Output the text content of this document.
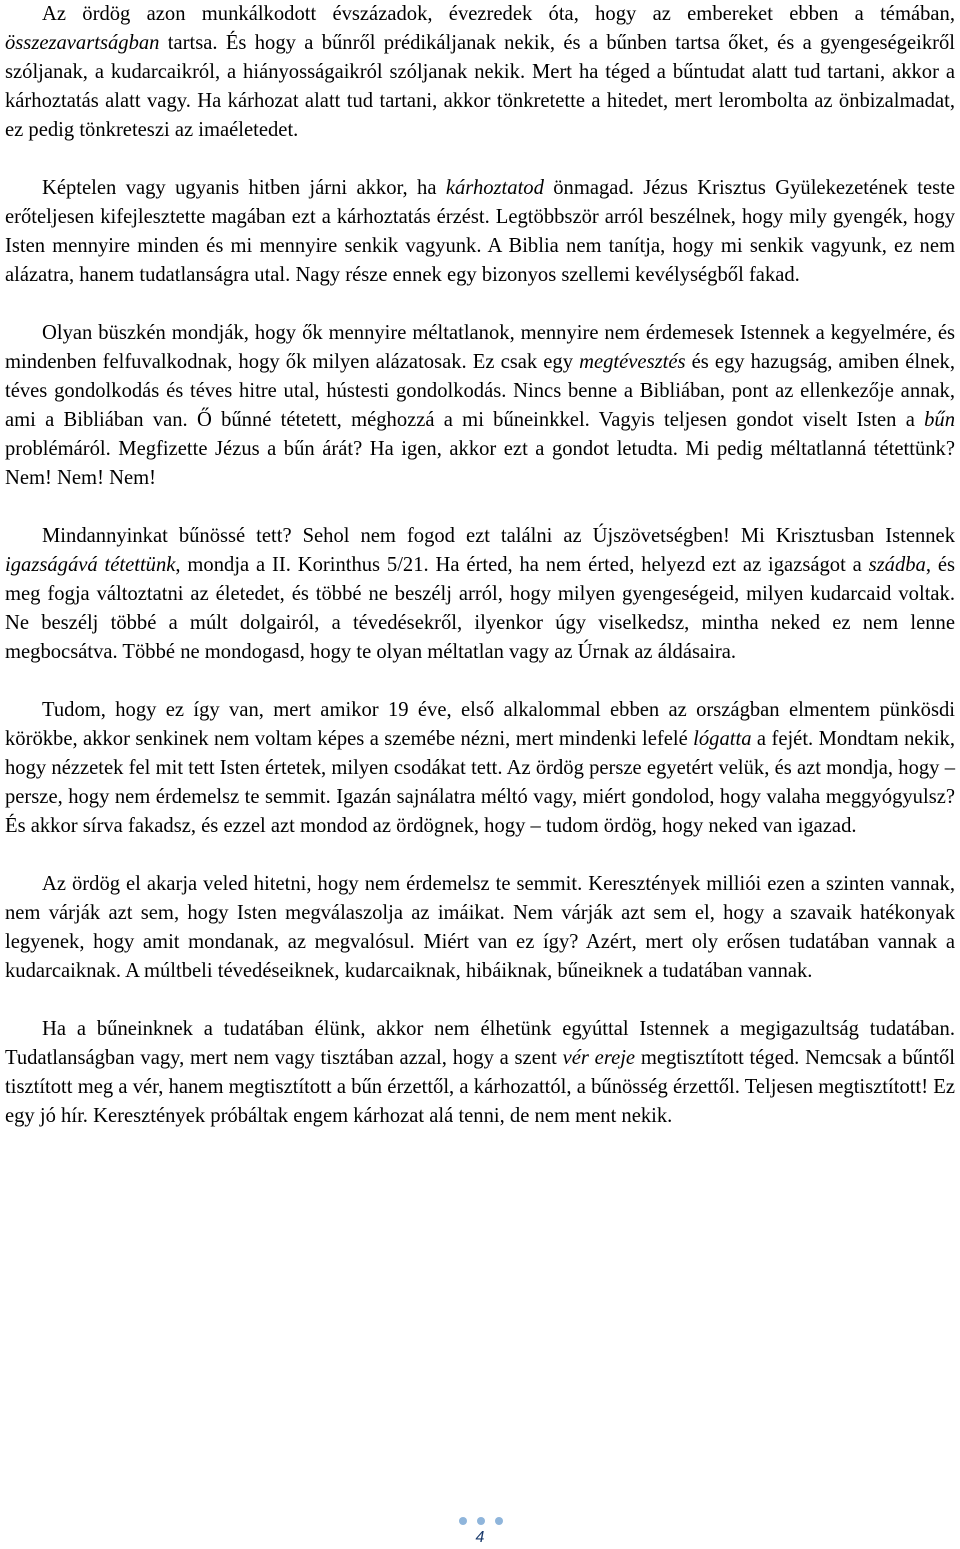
Az ördög azon munkálkodott évszázadok, évezredek óta, hogy az embereket ebben a témában, összezavartságban tartsa. És hogy a bűnről prédikáljanak nekik, és a bűnben tartsa őket, és a gyengeségeikről szóljanak, a kudarcaikról, a hiányosságaikról szóljanak nekik. Mert ha téged a bűntudat alatt tud tartani, akkor a kárhoztatás alatt vagy. Ha kárhozat alatt tud tartani, akkor tönkretette a hitedet, mert lerombolta az önbizalmadat, ez pedig tönkreteszi az imaéletedet.

Képtelen vagy ugyanis hitben járni akkor, ha kárhoztatod önmagad. Jézus Krisztus Gyülekezetének teste erőteljesen kifejlesztette magában ezt a kárhoztatás érzést. Legtöbbször arról beszélnek, hogy mily gyengék, hogy Isten mennyire minden és mi mennyire senkik vagyunk. A Biblia nem tanítja, hogy mi senkik vagyunk, ez nem alázatra, hanem tudatlanságra utal. Nagy része ennek egy bizonyos szellemi kevélységből fakad.

Olyan büszkén mondják, hogy ők mennyire méltatlanok, mennyire nem érdemesek Istennek a kegyelmére, és mindenben felfuvalkodnak, hogy ők milyen alázatosak. Ez csak egy megtévesztés és egy hazugság, amiben élnek, téves gondolkodás és téves hitre utal, hústesti gondolkodás. Nincs benne a Bibliában, pont az ellenkezője annak, ami a Bibliában van. Ő bűnné tétetett, méghozzá a mi bűneinkkel. Vagyis teljesen gondot viselt Isten a bűn problémáról. Megfizette Jézus a bűn árát? Ha igen, akkor ezt a gondot letudta. Mi pedig méltatlanná tétettünk? Nem! Nem! Nem!

Mindannyinkat bűnössé tett? Sehol nem fogod ezt találni az Újszövetségben! Mi Krisztusban Istennek igazságává tétettünk, mondja a II. Korinthus 5/21. Ha érted, ha nem érted, helyezd ezt az igazságot a szádba, és meg fogja változtatni az életedet, és többé ne beszélj arról, hogy milyen gyengeségeid, milyen kudarcaid voltak. Ne beszélj többé a múlt dolgairól, a tévedésekről, ilyenkor úgy viselkedsz, mintha neked ez nem lenne megbocsátva. Többé ne mondogasd, hogy te olyan méltatlan vagy az Úrnak az áldásaira.

Tudom, hogy ez így van, mert amikor 19 éve, első alkalommal ebben az országban elmentem pünkösdi körökbe, akkor senkinek nem voltam képes a szemébe nézni, mert mindenki lefelé lógatta a fejét. Mondtam nekik, hogy nézzetek fel mit tett Isten értetek, milyen csodákat tett. Az ördög persze egyetért velük, és azt mondja, hogy – persze, hogy nem érdemelsz te semmit. Igazán sajnálatra méltó vagy, miért gondolod, hogy valaha meggyógyulsz? És akkor sírva fakadsz, és ezzel azt mondod az ördögnek, hogy – tudom ördög, hogy neked van igazad.

Az ördög el akarja veled hitetni, hogy nem érdemelsz te semmit. Keresztények milliói ezen a szinten vannak, nem várják azt sem, hogy Isten megválaszolja az imáikat. Nem várják azt sem el, hogy a szavaik hatékonyak legyenek, hogy amit mondanak, az megvalósul. Miért van ez így? Azért, mert oly erősen tudatában vannak a kudarcaiknak. A múltbeli tévedéseiknek, kudarcaiknak, hibáiknak, bűneiknek a tudatában vannak.

Ha a bűneinknek a tudatában élünk, akkor nem élhetünk egyúttal Istennek a megigazultság tudatában. Tudatlanságban vagy, mert nem vagy tisztában azzal, hogy a szent vér ereje megtisztított téged. Nemcsak a bűntől tisztított meg a vér, hanem megtisztított a bűn érzettől, a kárhozattól, a bűnösség érzettől. Teljesen megtisztított! Ez egy jó hír. Keresztények próbáltak engem kárhozat alá tenni, de nem ment nekik.

4
